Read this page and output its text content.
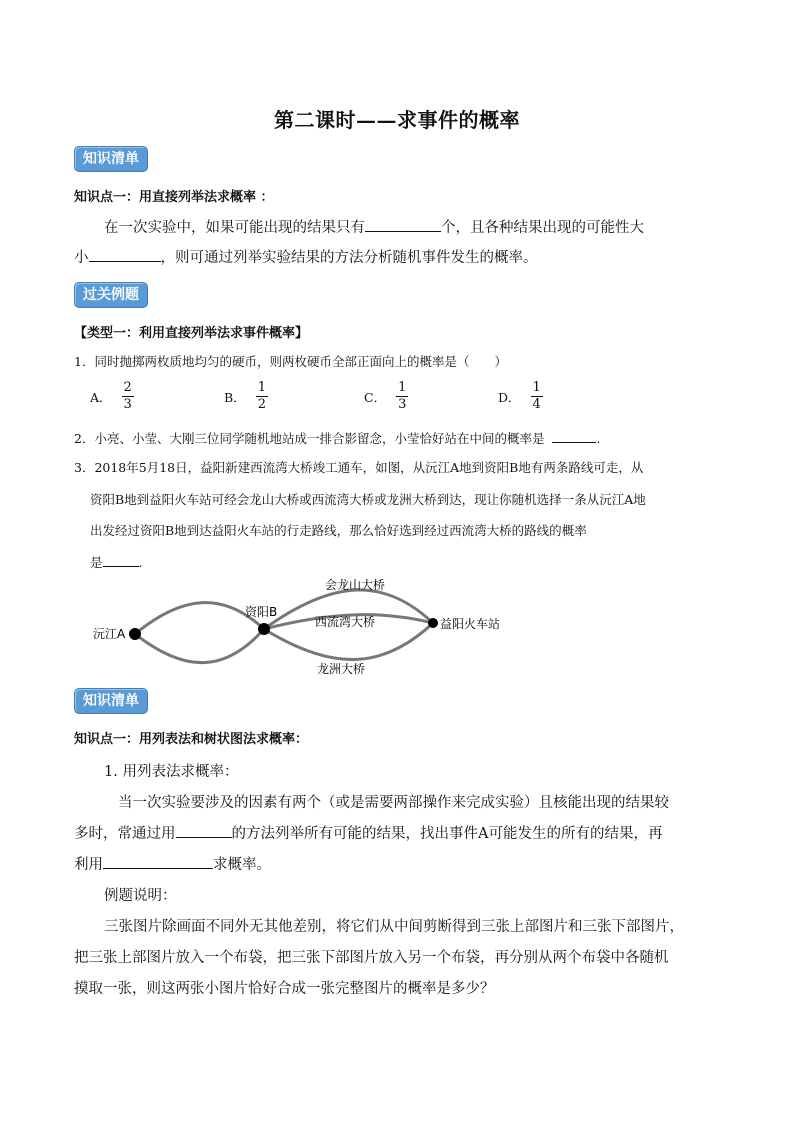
第二课时——求事件的概率
知识清单
知识点一：用直接列举法求概率 ：
在一次实验中，如果可能出现的结果只有	个，且各种结果出现的可能性大
小	，则可通过列举实验结果的方法分析随机事件发生的概率。
过关例题
【类型一：利用直接列举法求事件概率】
1．同时抛掷两枚质地均匀的硬币，则两枚硬币全部正面向上的概率是（　　）
A． $\frac{2}{3}$	B． $\frac{1}{2}$	C． $\frac{1}{3}$	D． $\frac{1}{4}$
2．小亮、小莹、大刚三位同学随机地站成一排合影留念，小莹恰好站在中间的概率是	.
3．2018年5月18日，益阳新建西流湾大桥竣工通车，如图，从沅江A地到资阳B地有两条路线可走，从
资阳B地到益阳火车站可经会龙山大桥或西流湾大桥或龙洲大桥到达，现让你随机选择一条从沅江A地
出发经过资阳B地到达益阳火车站的行走路线，那么恰好选到经过西流湾大桥的路线的概率
是	.
沅江A
资阳B
益阳火车站
会龙山大桥
西流湾大桥
龙洲大桥
知识清单
知识点一：用列表法和树状图法求概率：
1. 用列表法求概率：
当一次实验要涉及的因素有两个（或是需要两部操作来完成实验）且核能出现的结果较
多时，常通过用	的方法列举所有可能的结果，找出事件A可能发生的所有的结果，再
利用	求概率。
例题说明：
三张图片除画面不同外无其他差别，将它们从中间剪断得到三张上部图片和三张下部图片，
把三张上部图片放入一个布袋，把三张下部图片放入另一个布袋，再分别从两个布袋中各随机
摸取一张，则这两张小图片恰好合成一张完整图片的概率是多少？
